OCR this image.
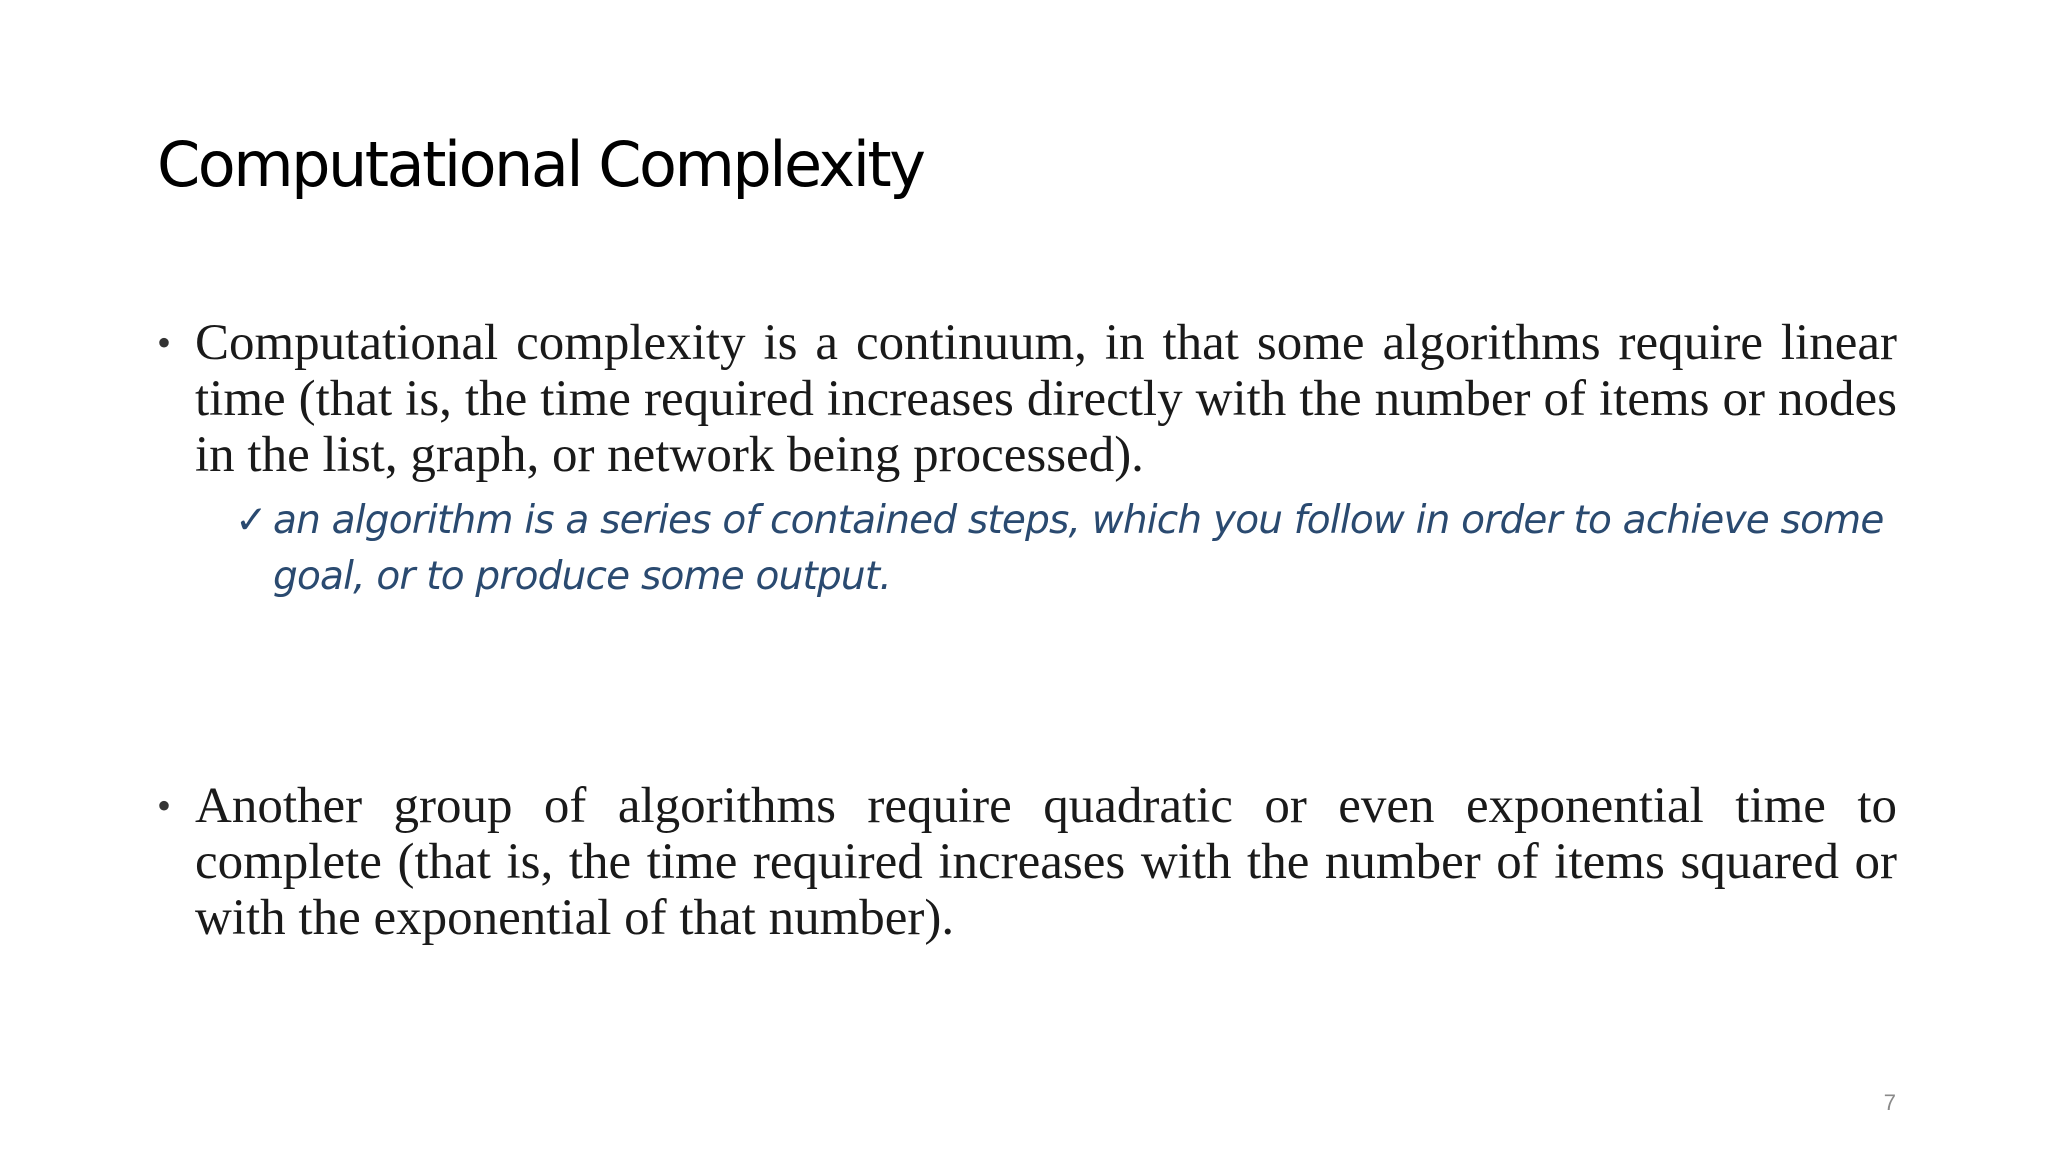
Computational Complexity
• Computational complexity is a continuum, in that some algorithms require linear time (that is, the time required increases directly with the number of items or nodes in the list, graph, or network being processed).
✓ an algorithm is a series of contained steps, which you follow in order to achieve some goal, or to produce some output.
• Another group of algorithms require quadratic or even exponential time to complete (that is, the time required increases with the number of items squared or with the exponential of that number).
7
